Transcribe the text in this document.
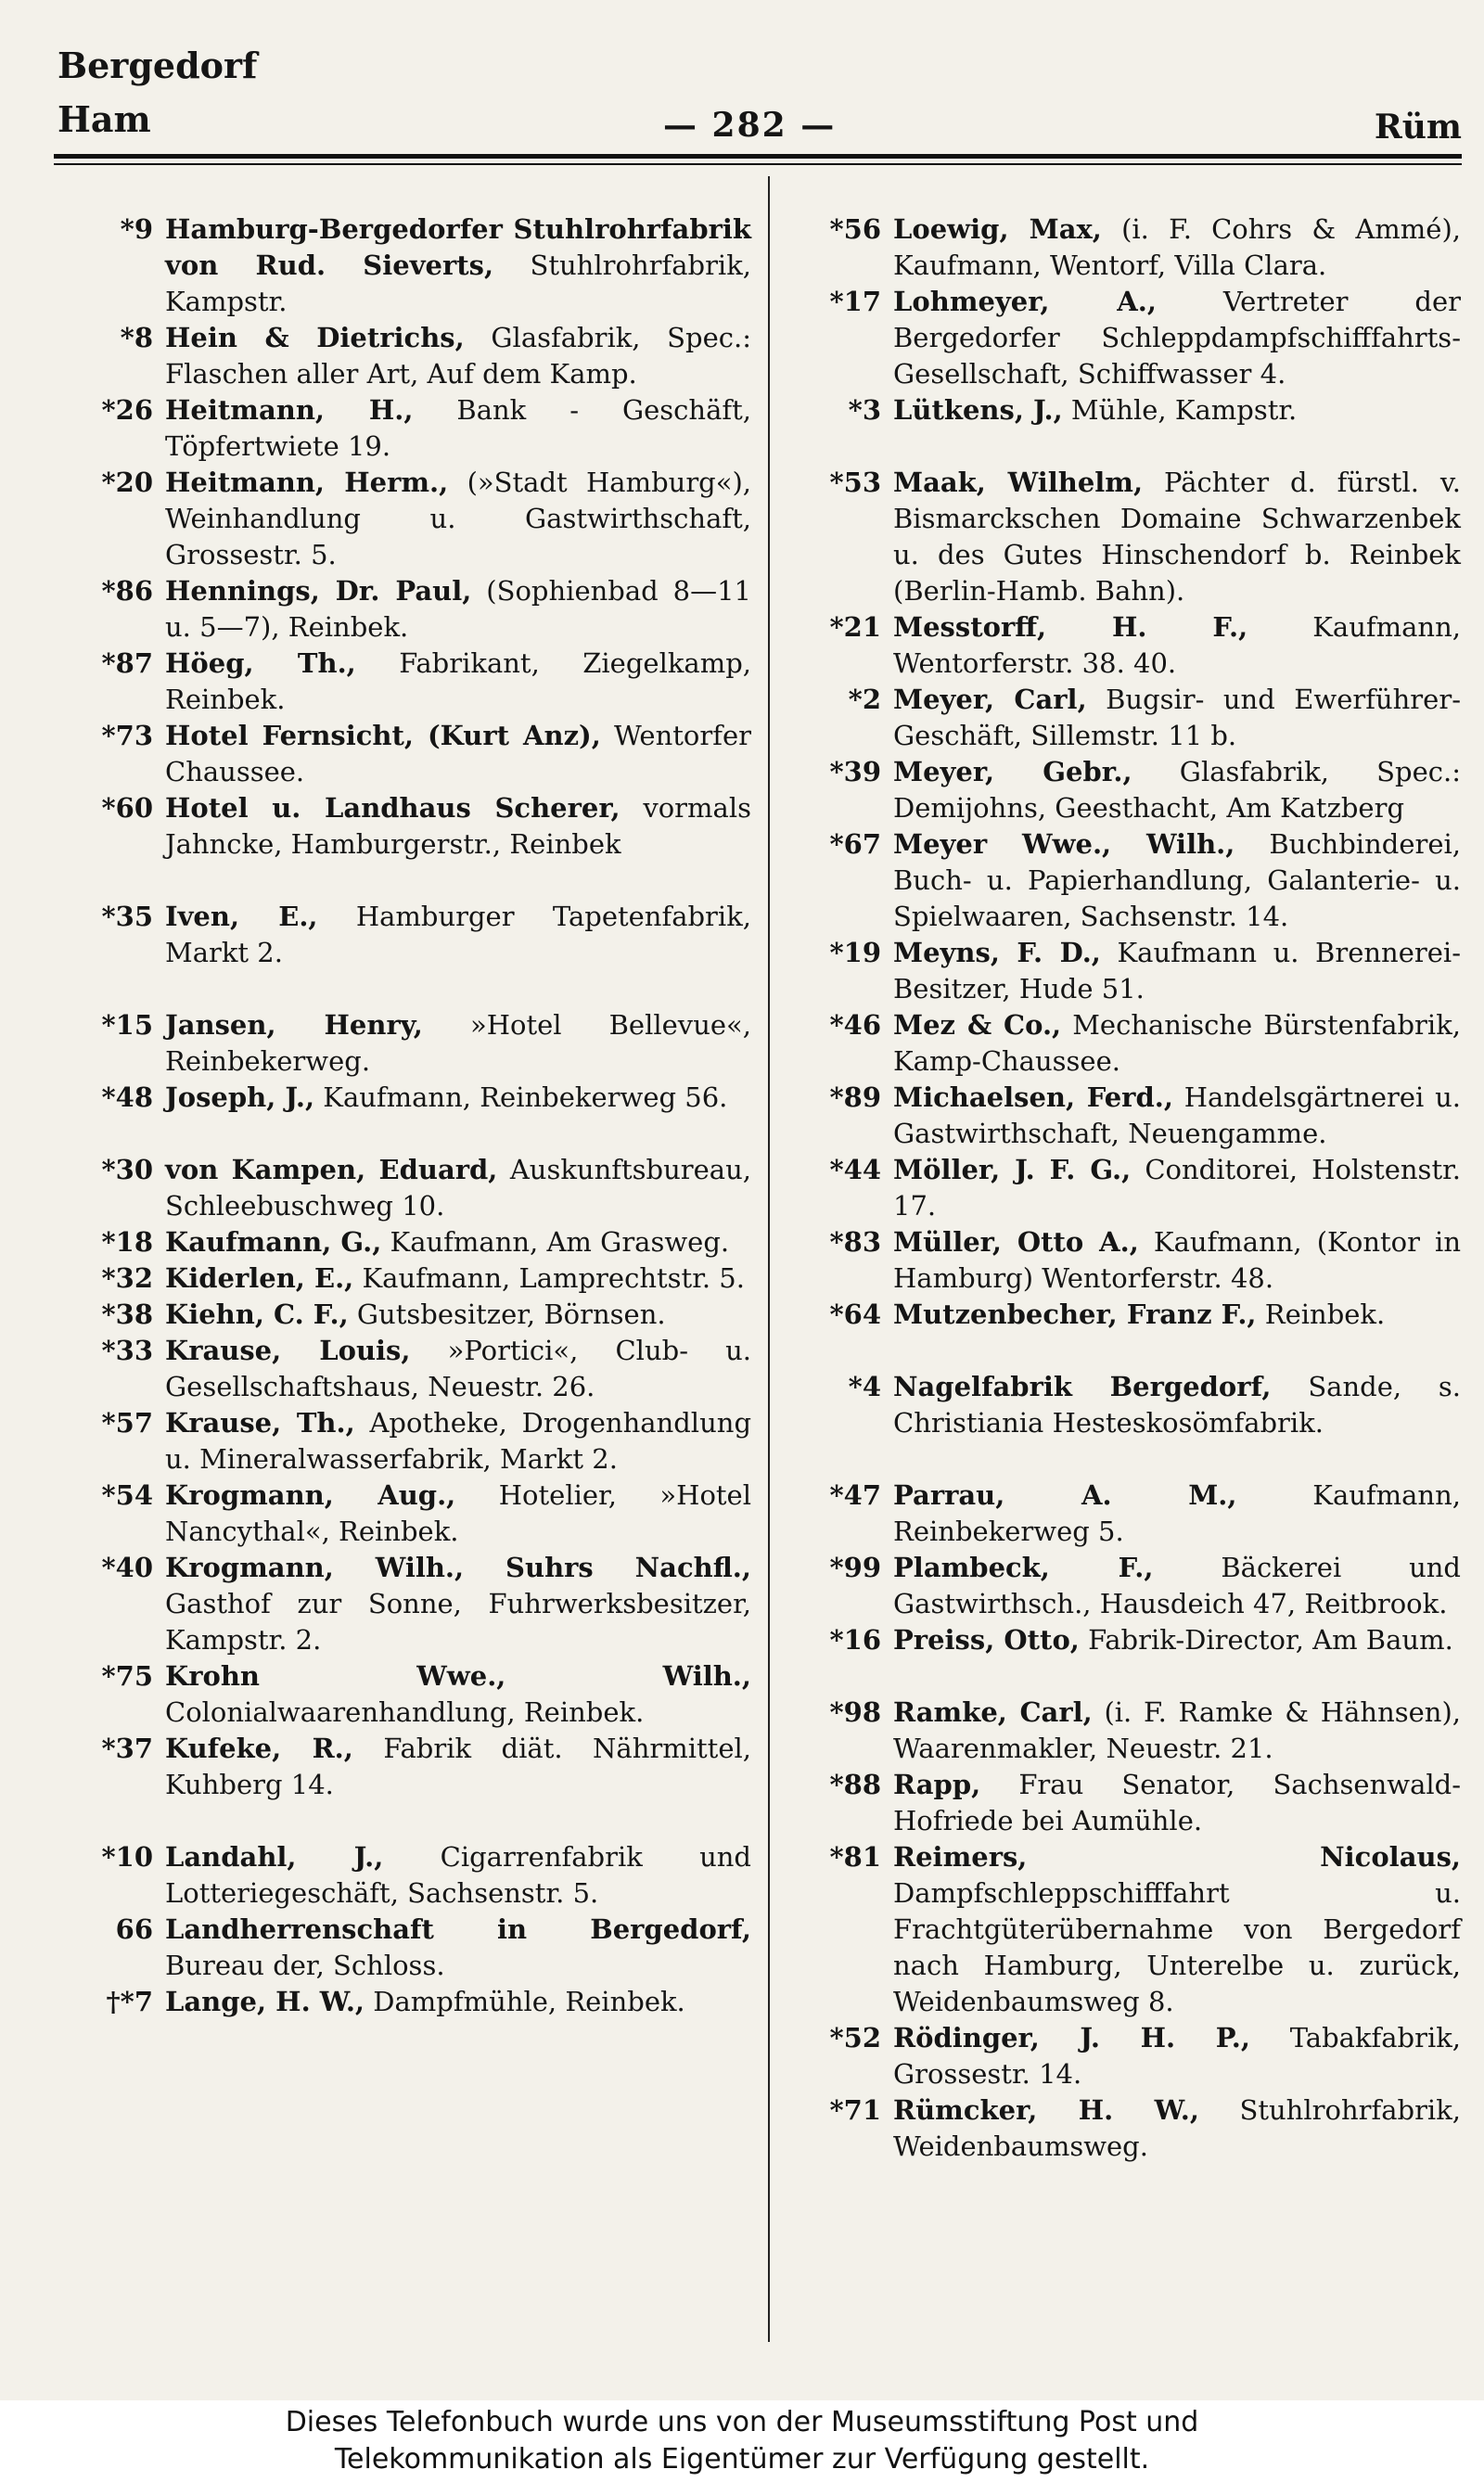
Bergedorf
Ham	— 282 —	Rüm
*9 Hamburg-Bergedorfer Stuhlrohrfabrik von Rud. Sieverts, Stuhlrohrfabrik, Kampstr.
*8 Hein & Dietrichs, Glasfabrik, Spec.: Flaschen aller Art, Auf dem Kamp.
*26 Heitmann, H., Bank - Geschäft, Töpfertwiete 19.
*20 Heitmann, Herm., (»Stadt Hamburg«), Weinhandlung u. Gastwirthschaft, Grossestr. 5.
*86 Hennings, Dr. Paul, (Sophienbad 8—11 u. 5—7), Reinbek.
*87 Höeg, Th., Fabrikant, Ziegelkamp, Reinbek.
*73 Hotel Fernsicht, (Kurt Anz), Wentorfer Chaussee.
*60 Hotel u. Landhaus Scherer, vormals Jahncke, Hamburgerstr., Reinbek
*35 Iven, E., Hamburger Tapetenfabrik, Markt 2.
*15 Jansen, Henry, »Hotel Bellevue«, Reinbekerweg.
*48 Joseph, J., Kaufmann, Reinbekerweg 56.
*30 von Kampen, Eduard, Auskunftsbureau, Schleebuschweg 10.
*18 Kaufmann, G., Kaufmann, Am Grasweg.
*32 Kiderlen, E., Kaufmann, Lamprechtstr. 5.
*38 Kiehn, C. F., Gutsbesitzer, Börnsen.
*33 Krause, Louis, »Portici«, Club- u. Gesellschaftshaus, Neuestr. 26.
*57 Krause, Th., Apotheke, Drogenhandlung u. Mineralwasserfabrik, Markt 2.
*54 Krogmann, Aug., Hotelier, »Hotel Nancythal«, Reinbek.
*40 Krogmann, Wilh., Suhrs Nachfl., Gasthof zur Sonne, Fuhrwerksbesitzer, Kampstr. 2.
*75 Krohn Wwe., Wilh., Colonialwaarenhandlung, Reinbek.
*37 Kufeke, R., Fabrik diät. Nährmittel, Kuhberg 14.
*10 Landahl, J., Cigarrenfabrik und Lotteriegeschäft, Sachsenstr. 5.
66 Landherrenschaft in Bergedorf, Bureau der, Schloss.
†*7 Lange, H. W., Dampfmühle, Reinbek.
*56 Loewig, Max, (i. F. Cohrs & Ammé), Kaufmann, Wentorf, Villa Clara.
*17 Lohmeyer, A., Vertreter der Bergedorfer Schleppdampfschifffahrts-Gesellschaft, Schiffwasser 4.
*3 Lütkens, J., Mühle, Kampstr.
*53 Maak, Wilhelm, Pächter d. fürstl. v. Bismarckschen Domaine Schwarzenbek u. des Gutes Hinschendorf b. Reinbek (Berlin-Hamb. Bahn).
*21 Messtorff, H. F., Kaufmann, Wentorferstr. 38. 40.
*2 Meyer, Carl, Bugsir- und Ewerführer-Geschäft, Sillemstr. 11 b.
*39 Meyer, Gebr., Glasfabrik, Spec.: Demijohns, Geesthacht, Am Katzberg
*67 Meyer Wwe., Wilh., Buchbinderei, Buch- u. Papierhandlung, Galanterie- u. Spielwaaren, Sachsenstr. 14.
*19 Meyns, F. D., Kaufmann u. Brennerei-Besitzer, Hude 51.
*46 Mez & Co., Mechanische Bürstenfabrik, Kamp-Chaussee.
*89 Michaelsen, Ferd., Handelsgärtnerei u. Gastwirthschaft, Neuengamme.
*44 Möller, J. F. G., Conditorei, Holstenstr. 17.
*83 Müller, Otto A., Kaufmann, (Kontor in Hamburg) Wentorferstr. 48.
*64 Mutzenbecher, Franz F., Reinbek.
*4 Nagelfabrik Bergedorf, Sande, s. Christiania Hesteskosömfabrik.
*47 Parrau, A. M.,	Kaufmann, Reinbekerweg 5.
*99 Plambeck, F.,	Bäckerei und Gastwirthsch., Hausdeich 47, Reitbrook.
*16 Preiss, Otto, Fabrik-Director, Am Baum.
*98 Ramke, Carl, (i. F. Ramke & Hähnsen), Waarenmakler, Neuestr. 21.
*88 Rapp, Frau Senator, Sachsenwald-Hofriede bei Aumühle.
*81 Reimers, Nicolaus, Dampfschleppschifffahrt u. Frachtgüterübernahme von Bergedorf nach Hamburg, Unterelbe u. zurück, Weidenbaumsweg 8.
*52 Rödinger, J. H. P., Tabakfabrik, Grossestr. 14.
*71 Rümcker, H. W., Stuhlrohrfabrik, Weidenbaumsweg.
Dieses Telefonbuch wurde uns von der Museumsstiftung Post und
Telekommunikation als Eigentümer zur Verfügung gestellt.
